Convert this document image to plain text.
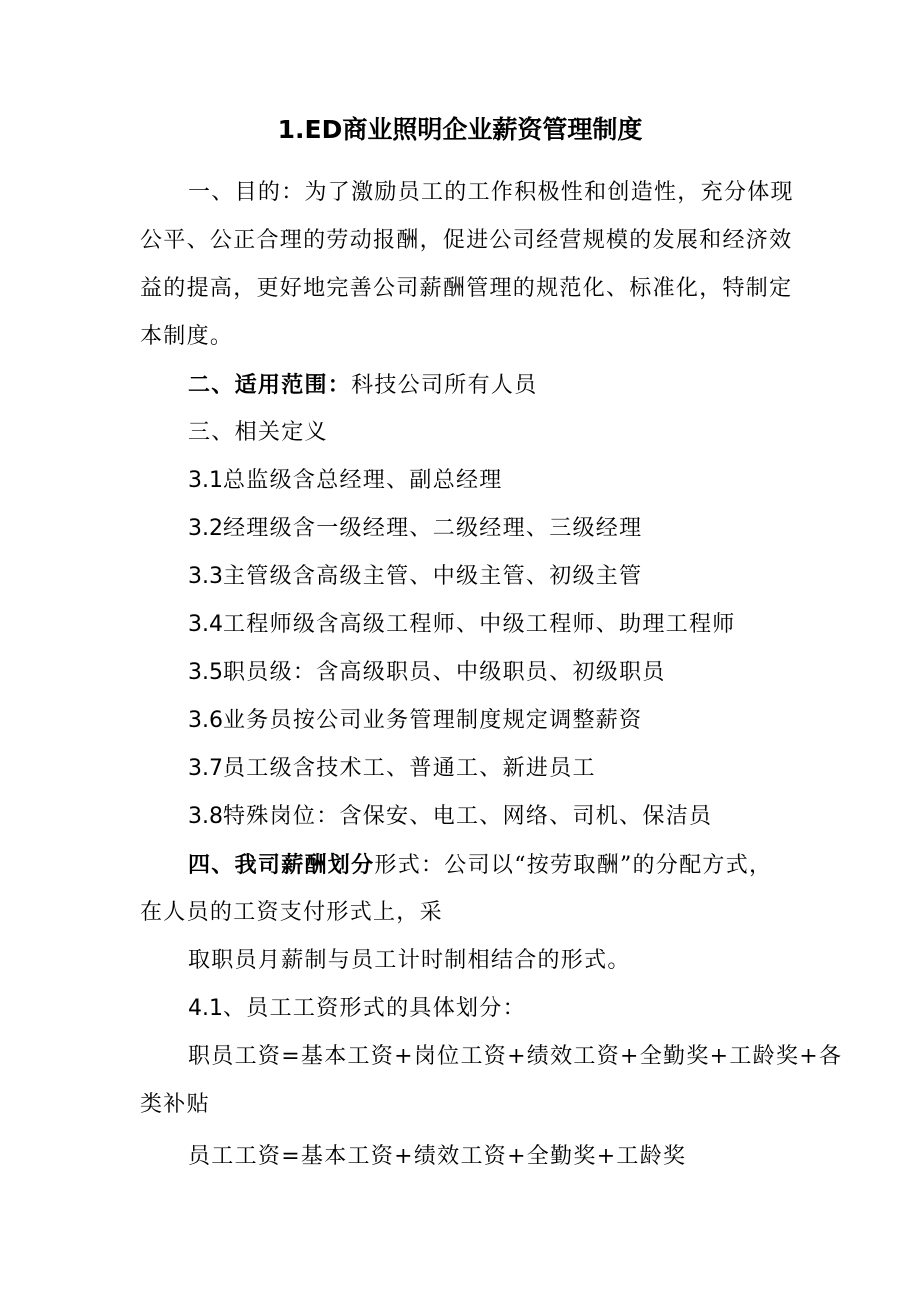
1.ED商业照明企业薪资管理制度
一、目的：为了激励员工的工作积极性和创造性，充分体现
公平、公正合理的劳动报酬，促进公司经营规模的发展和经济效
益的提高，更好地完善公司薪酬管理的规范化、标准化，特制定
本制度。
二、适用范围：科技公司所有人员
三、相关定义
3.1总监级含总经理、副总经理
3.2经理级含一级经理、二级经理、三级经理
3.3主管级含高级主管、中级主管、初级主管
3.4工程师级含高级工程师、中级工程师、助理工程师
3.5职员级：含高级职员、中级职员、初级职员
3.6业务员按公司业务管理制度规定调整薪资
3.7员工级含技术工、普通工、新进员工
3.8特殊岗位：含保安、电工、网络、司机、保洁员
四、我司薪酬划分形式：公司以“按劳取酬”的分配方式，
在人员的工资支付形式上，采
取职员月薪制与员工计时制相结合的形式。
4.1、员工工资形式的具体划分：
职员工资=基本工资+岗位工资+绩效工资+全勤奖+工龄奖+各
类补贴
员工工资=基本工资+绩效工资+全勤奖+工龄奖
